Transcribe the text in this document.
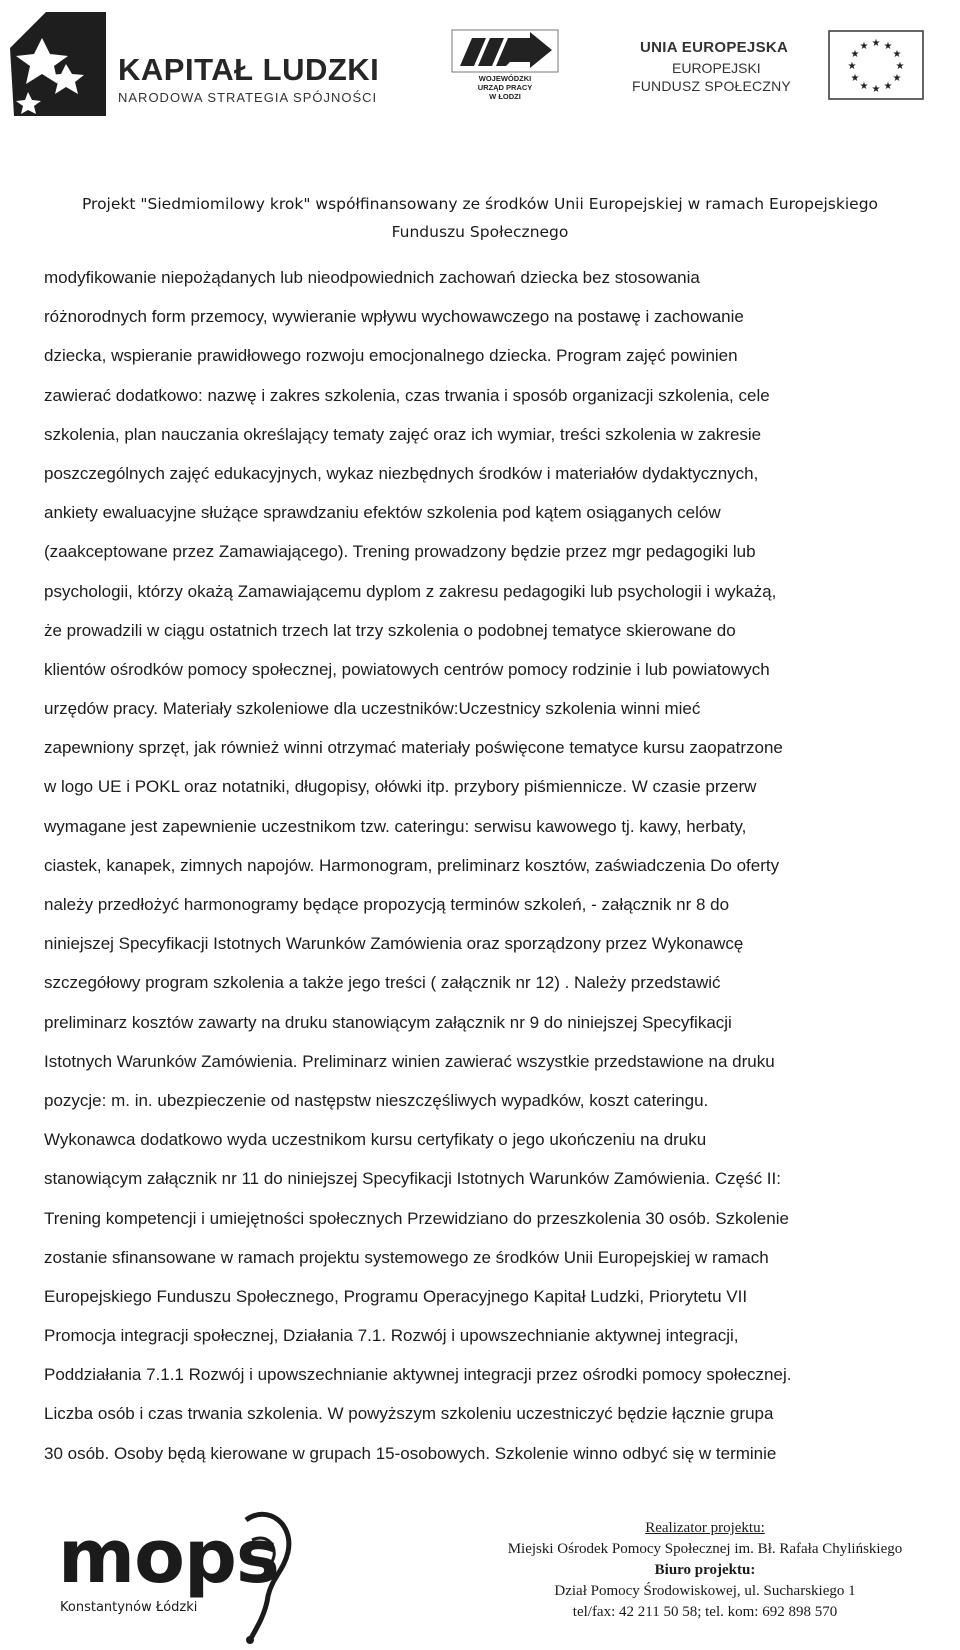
KAPITAŁ LUDZKI
NARODOWA STRATEGIA SPÓJNOŚCI
WOJEWÓDZKI
URZĄD PRACY
W ŁODZI
UNIA EUROPEJSKA
EUROPEJSKI
FUNDUSZ SPOŁECZNY
★ ★
★
★
★
★
★
★
★
★
★
★
Projekt "Siedmiomilowy krok" współfinansowany ze środków Unii Europejskiej w ramach Europejskiego
Funduszu Społecznego
modyfikowanie niepożądanych lub nieodpowiednich zachowań dziecka bez stosowania
różnorodnych form przemocy, wywieranie wpływu wychowawczego na postawę i zachowanie
dziecka, wspieranie prawidłowego rozwoju emocjonalnego dziecka. Program zajęć powinien
zawierać dodatkowo: nazwę i zakres szkolenia, czas trwania i sposób organizacji szkolenia, cele
szkolenia, plan nauczania określający tematy zajęć oraz ich wymiar, treści szkolenia w zakresie
poszczególnych zajęć edukacyjnych, wykaz niezbędnych środków i materiałów dydaktycznych,
ankiety ewaluacyjne służące sprawdzaniu efektów szkolenia pod kątem osiąganych celów
(zaakceptowane przez Zamawiającego). Trening prowadzony będzie przez mgr pedagogiki lub
psychologii, którzy okażą Zamawiającemu dyplom z zakresu pedagogiki lub psychologii i wykażą,
że prowadzili w ciągu ostatnich trzech lat trzy szkolenia o podobnej tematyce skierowane do
klientów ośrodków pomocy społecznej, powiatowych centrów pomocy rodzinie i lub powiatowych
urzędów pracy. Materiały szkoleniowe dla uczestników:Uczestnicy szkolenia winni mieć
zapewniony sprzęt, jak również winni otrzymać materiały poświęcone tematyce kursu zaopatrzone
w logo UE i POKL oraz notatniki, długopisy, ołówki itp. przybory piśmiennicze. W czasie przerw
wymagane jest zapewnienie uczestnikom tzw. cateringu: serwisu kawowego tj. kawy, herbaty,
ciastek, kanapek, zimnych napojów. Harmonogram, preliminarz kosztów, zaświadczenia Do oferty
należy przedłożyć harmonogramy będące propozycją terminów szkoleń, - załącznik nr 8 do
niniejszej Specyfikacji Istotnych Warunków Zamówienia oraz sporządzony przez Wykonawcę
szczegółowy program szkolenia a także jego treści ( załącznik nr 12) . Należy przedstawić
preliminarz kosztów zawarty na druku stanowiącym załącznik nr 9 do niniejszej Specyfikacji
Istotnych Warunków Zamówienia. Preliminarz winien zawierać wszystkie przedstawione na druku
pozycje: m. in. ubezpieczenie od następstw nieszczęśliwych wypadków, koszt cateringu.
Wykonawca dodatkowo wyda uczestnikom kursu certyfikaty o jego ukończeniu na druku
stanowiącym załącznik nr 11 do niniejszej Specyfikacji Istotnych Warunków Zamówienia. Część II:
Trening kompetencji i umiejętności społecznych Przewidziano do przeszkolenia 30 osób. Szkolenie
zostanie sfinansowane w ramach projektu systemowego ze środków Unii Europejskiej w ramach
Europejskiego Funduszu Społecznego, Programu Operacyjnego Kapitał Ludzki, Priorytetu VII
Promocja integracji społecznej, Działania 7.1. Rozwój i upowszechnianie aktywnej integracji,
Poddziałania 7.1.1 Rozwój i upowszechnianie aktywnej integracji przez ośrodki pomocy społecznej.
Liczba osób i czas trwania szkolenia. W powyższym szkoleniu uczestniczyć będzie łącznie grupa
30 osób. Osoby będą kierowane w grupach 15-osobowych. Szkolenie winno odbyć się w terminie
mops
Konstantynów Łódzki
Realizator projektu:
Miejski Ośrodek Pomocy Społecznej im. Bł. Rafała Chylińskiego
Biuro projektu:
Dział Pomocy Środowiskowej, ul. Sucharskiego 1
tel/fax: 42 211 50 58; tel. kom: 692 898 570
